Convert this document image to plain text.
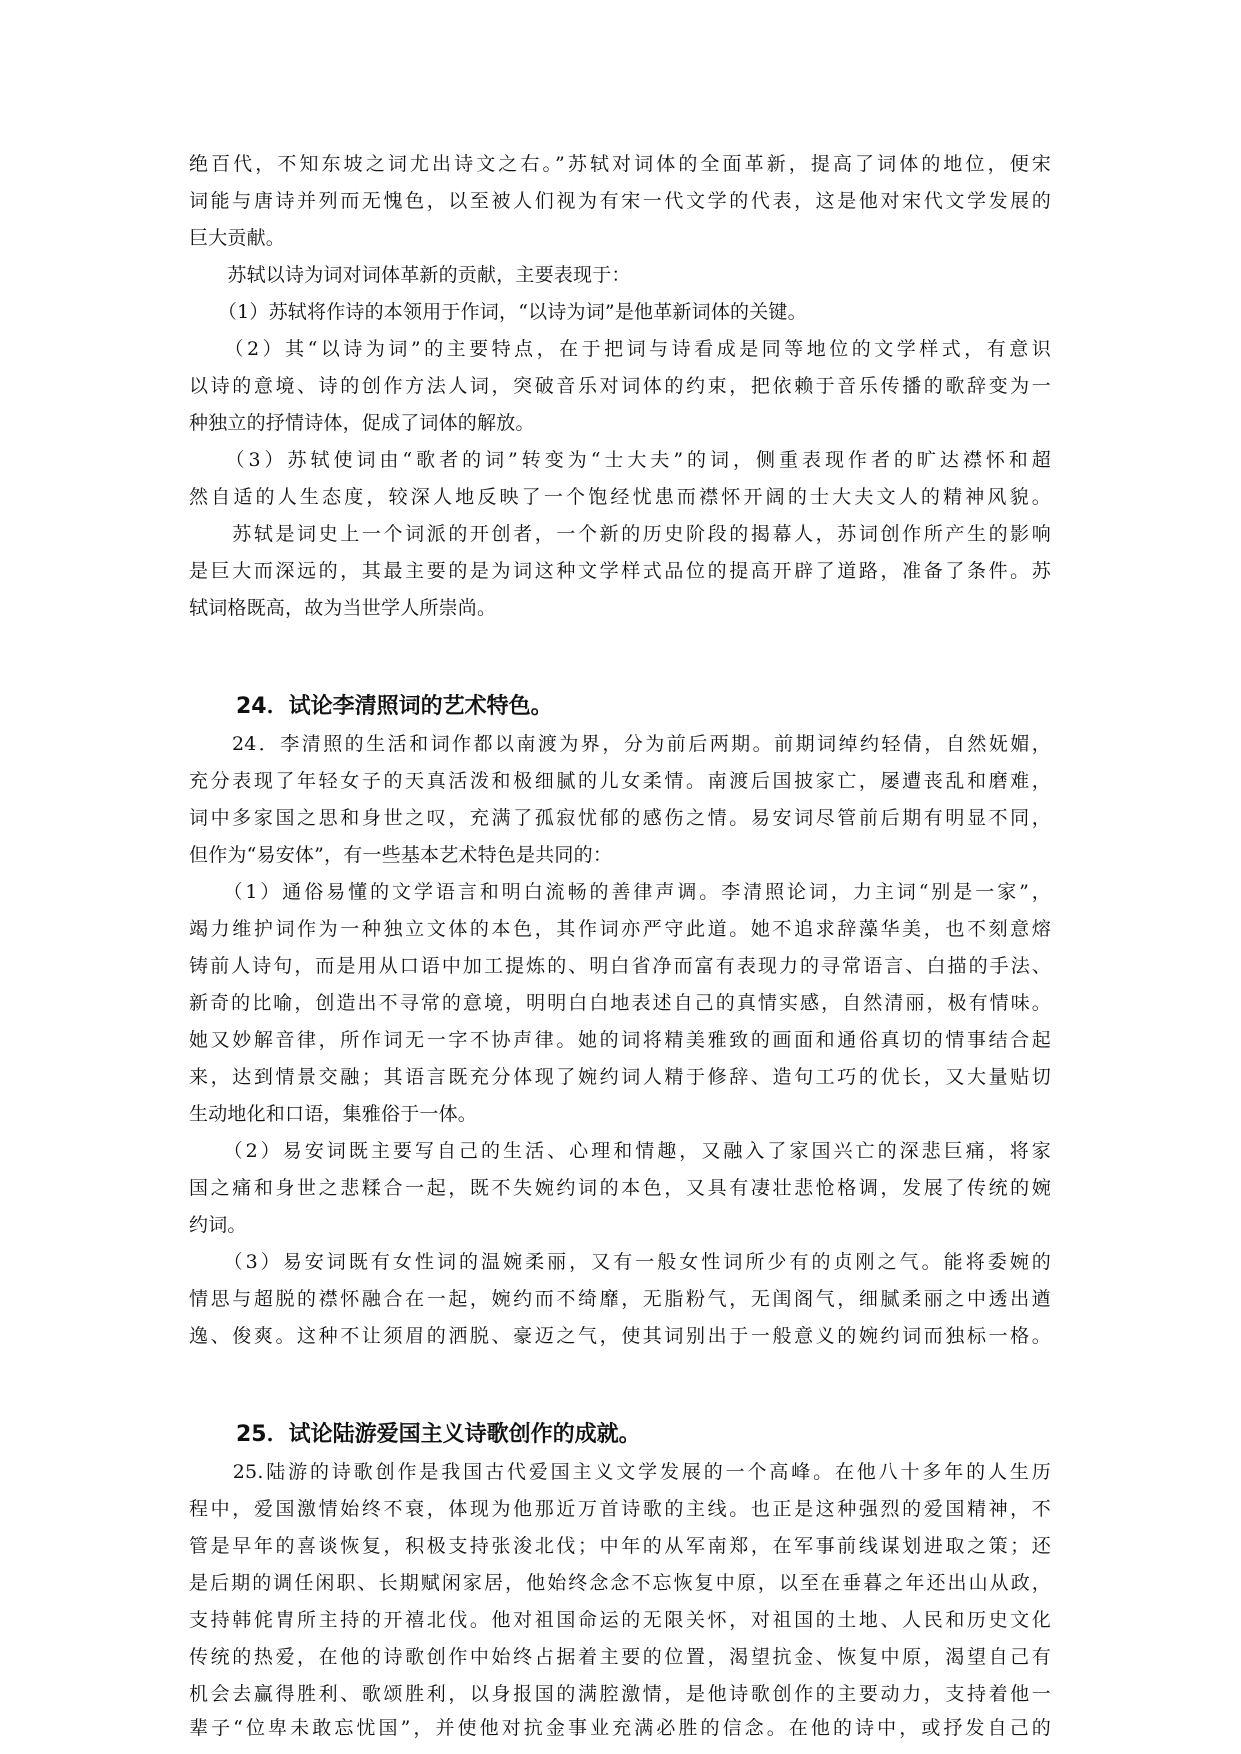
绝百代，不知东坡之词尤出诗文之右。”苏轼对词体的全面革新，提高了词体的地位，便宋
词能与唐诗并列而无愧色，以至被人们视为有宋一代文学的代表，这是他对宋代文学发展的
巨大贡献。
　　苏轼以诗为词对词体革新的贡献，主要表现于：
　　（1）苏轼将作诗的本领用于作词，“以诗为词”是他革新词体的关键。
　　（2）其“以诗为词”的主要特点，在于把词与诗看成是同等地位的文学样式，有意识
以诗的意境、诗的创作方法人词，突破音乐对词体的约束，把依赖于音乐传播的歌辞变为一
种独立的抒情诗体，促成了词体的解放。
　　（3）苏轼使词由“歌者的词”转变为“士大夫”的词，侧重表现作者的旷达襟怀和超
然自适的人生态度，较深人地反映了一个饱经忧患而襟怀开阔的士大夫文人的精神风貌。
　　苏轼是词史上一个词派的开创者，一个新的历史阶段的揭幕人，苏词创作所产生的影响
是巨大而深远的，其最主要的是为词这种文学样式品位的提高开辟了道路，准备了条件。苏
轼词格既高，故为当世学人所崇尚。
24．试论李清照词的艺术特色。
　　24．李清照的生活和词作都以南渡为界，分为前后两期。前期词绰约轻倩，自然妩媚，
充分表现了年轻女子的天真活泼和极细腻的儿女柔情。南渡后国披家亡，屡遭丧乱和磨难，
词中多家国之思和身世之叹，充满了孤寂忧郁的感伤之情。易安词尽管前后期有明显不同，
但作为“易安体”，有一些基本艺术特色是共同的：
　　（1）通俗易懂的文学语言和明白流畅的善律声调。李清照论词，力主词“别是一家”，
竭力维护词作为一种独立文体的本色，其作词亦严守此道。她不追求辞藻华美，也不刻意熔
铸前人诗句，而是用从口语中加工提炼的、明白省净而富有表现力的寻常语言、白描的手法、
新奇的比喻，创造出不寻常的意境，明明白白地表述自己的真情实感，自然清丽，极有情味。
她又妙解音律，所作词无一字不协声律。她的词将精美雅致的画面和通俗真切的情事结合起
来，达到情景交融；其语言既充分体现了婉约词人精于修辞、造句工巧的优长，又大量贴切
生动地化和口语，集雅俗于一体。
　　（2）易安词既主要写自己的生活、心理和情趣，又融入了家国兴亡的深悲巨痛，将家
国之痛和身世之悲糅合一起，既不失婉约词的本色，又具有凄壮悲怆格调，发展了传统的婉
约词。
　　（3）易安词既有女性词的温婉柔丽，又有一般女性词所少有的贞刚之气。能将委婉的
情思与超脱的襟怀融合在一起，婉约而不绮靡，无脂粉气，无闺阁气，细腻柔丽之中透出遒
逸、俊爽。这种不让须眉的洒脱、豪迈之气，使其词别出于一般意义的婉约词而独标一格。
25．试论陆游爱国主义诗歌创作的成就。
　　25.陆游的诗歌创作是我国古代爱国主义文学发展的一个高峰。在他八十多年的人生历
程中，爱国激情始终不衰，体现为他那近万首诗歌的主线。也正是这种强烈的爱国精神，不
管是早年的喜谈恢复，积极支持张浚北伐；中年的从军南郑，在军事前线谋划进取之策；还
是后期的调任闲职、长期赋闲家居，他始终念念不忘恢复中原，以至在垂暮之年还出山从政，
支持韩侂胄所主持的开禧北伐。他对祖国命运的无限关怀，对祖国的土地、人民和历史文化
传统的热爱，在他的诗歌创作中始终占据着主要的位置，渴望抗金、恢复中原，渴望自己有
机会去赢得胜利、歌颂胜利，以身报国的满腔激情，是他诗歌创作的主要动力，支持着他一
辈子“位卑未敢忘忧国”，并使他对抗金事业充满必胜的信念。在他的诗中，或抒发自己的
